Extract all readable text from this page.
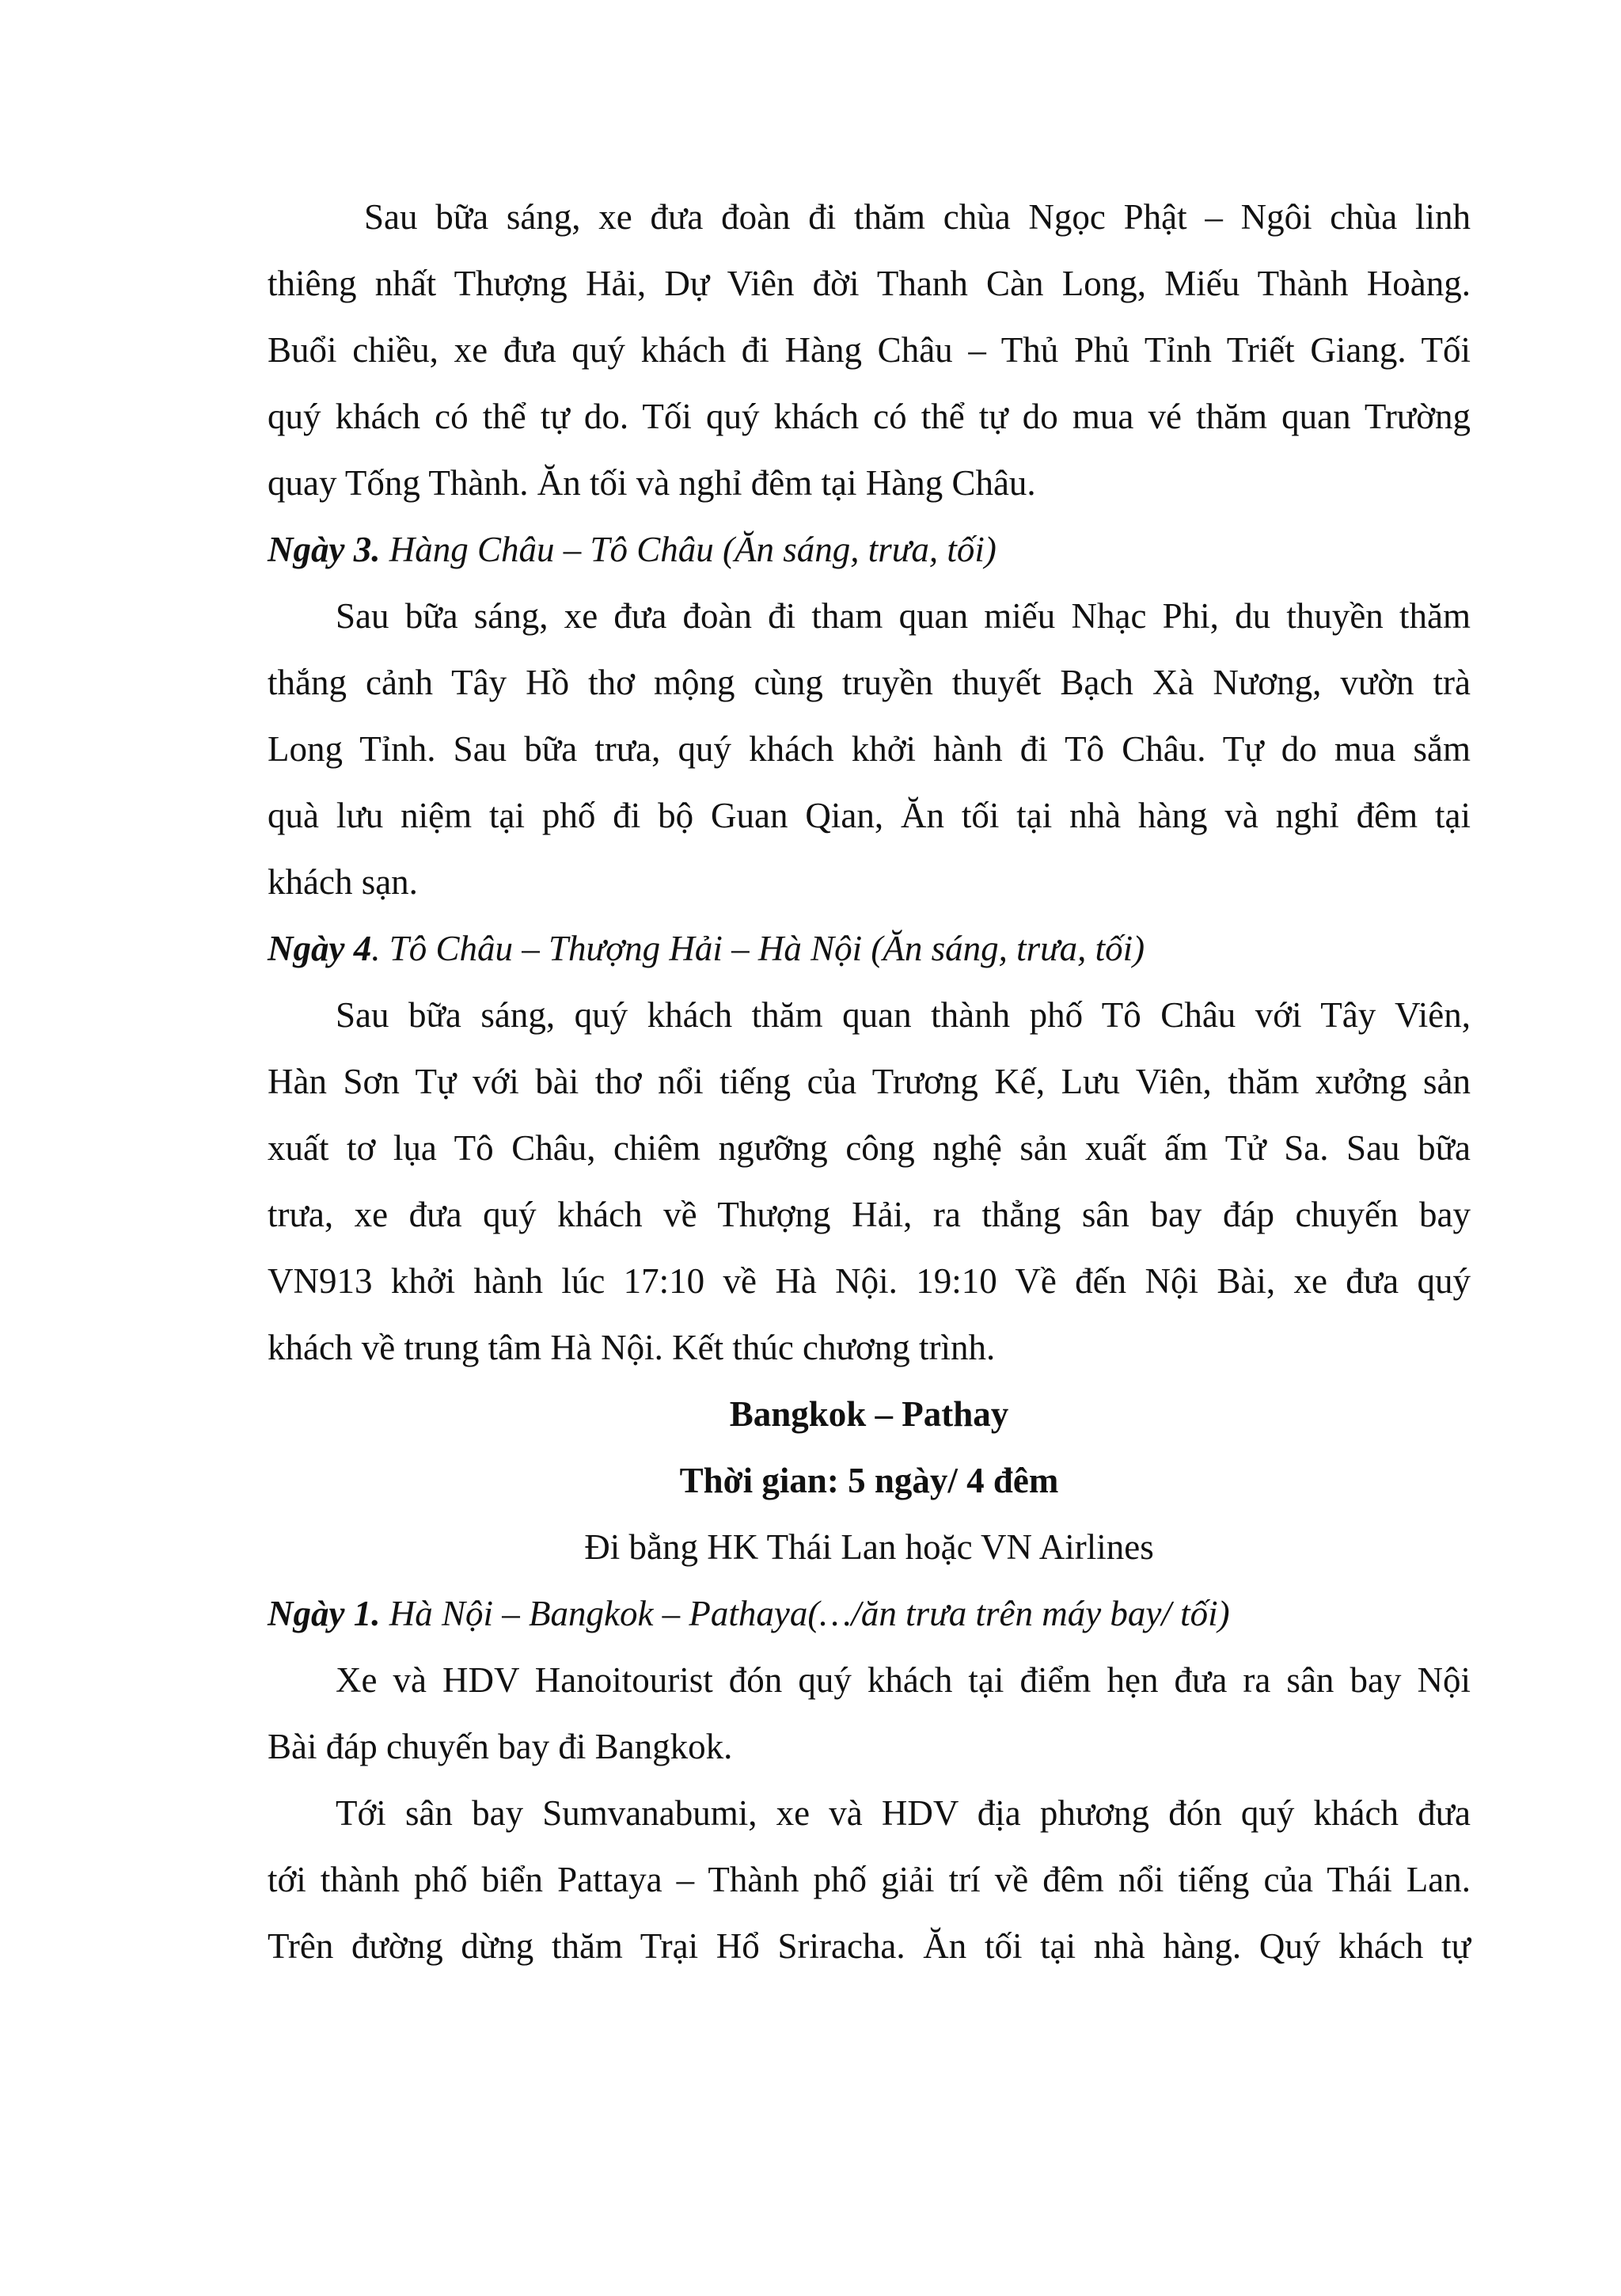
Sau bữa sáng, xe đưa đoàn đi thăm chùa Ngọc Phật – Ngôi chùa linh
thiêng nhất Thượng Hải, Dự Viên đời Thanh Càn Long, Miếu Thành Hoàng.
Buổi chiều, xe đưa quý khách đi Hàng Châu – Thủ Phủ Tỉnh Triết Giang. Tối
quý khách có thể tự do. Tối quý khách có thể tự do mua vé thăm quan Trường
quay Tống Thành. Ăn tối và nghỉ đêm tại Hàng Châu.
Ngày 3. Hàng Châu – Tô Châu (Ăn sáng, trưa, tối)
Sau bữa sáng, xe đưa đoàn đi tham quan miếu Nhạc Phi, du thuyền thăm
thắng cảnh Tây Hồ thơ mộng cùng truyền thuyết Bạch Xà Nương, vườn trà
Long Tỉnh. Sau bữa trưa, quý khách khởi hành đi Tô Châu. Tự do mua sắm
quà lưu niệm tại phố đi bộ Guan Qian, Ăn tối tại nhà hàng và nghỉ đêm tại
khách sạn.
Ngày 4. Tô Châu – Thượng Hải – Hà Nội (Ăn sáng, trưa, tối)
Sau bữa sáng, quý khách thăm quan thành phố Tô Châu với Tây Viên,
Hàn Sơn Tự với bài thơ nổi tiếng của Trương Kế, Lưu Viên, thăm xưởng sản
xuất tơ lụa Tô Châu, chiêm ngưỡng công nghệ sản xuất ấm Tử Sa. Sau bữa
trưa, xe đưa quý khách về Thượng Hải, ra thẳng sân bay đáp chuyến bay
VN913 khởi hành lúc 17:10 về Hà Nội. 19:10 Về đến Nội Bài, xe đưa quý
khách về trung tâm Hà Nội. Kết thúc chương trình.
Bangkok – Pathay
Thời gian: 5 ngày/ 4 đêm
Đi bằng HK Thái Lan hoặc VN Airlines
Ngày 1. Hà Nội – Bangkok – Pathaya(…/ăn trưa trên máy bay/ tối)
Xe và HDV Hanoitourist đón quý khách tại điểm hẹn đưa ra sân bay Nội
Bài đáp chuyến bay đi Bangkok.
Tới sân bay Sumvanabumi, xe và HDV địa phương đón quý khách đưa
tới thành phố biển Pattaya – Thành phố giải trí về đêm nổi tiếng của Thái Lan.
Trên đường dừng thăm Trại Hổ Sriracha. Ăn tối tại nhà hàng. Quý khách tự
